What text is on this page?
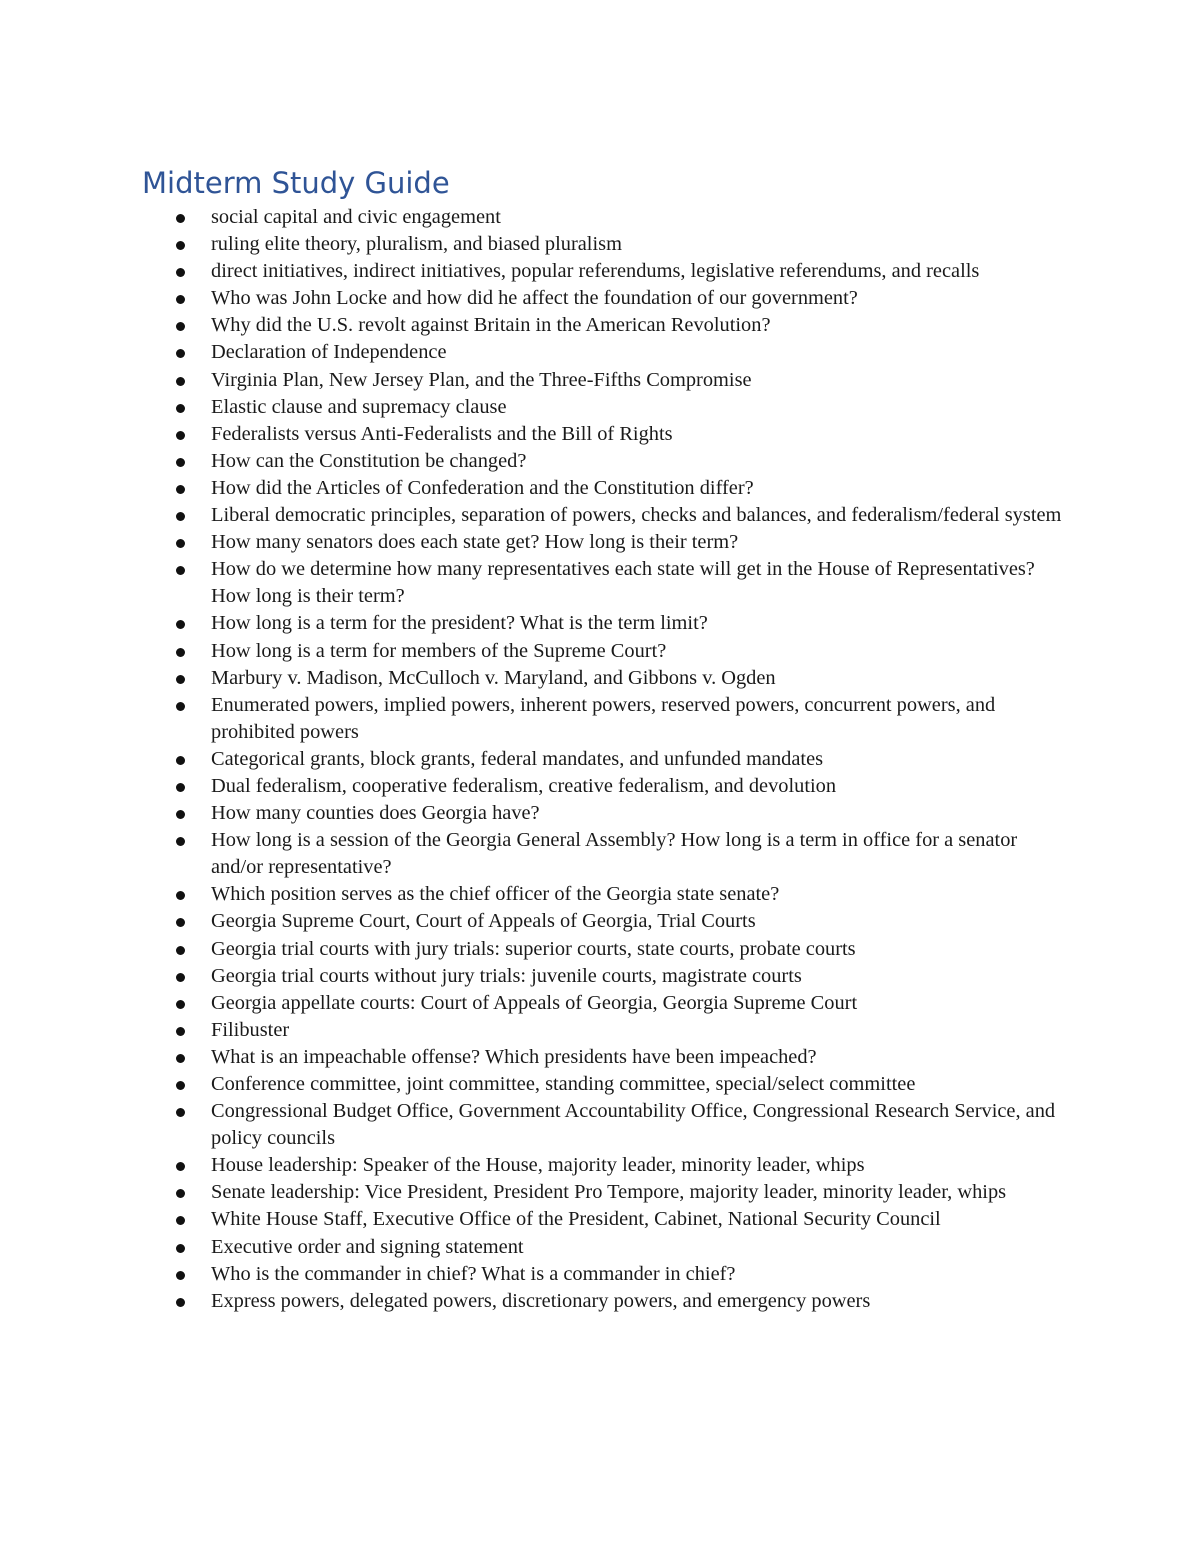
Midterm Study Guide
social capital and civic engagement
ruling elite theory, pluralism, and biased pluralism
direct initiatives, indirect initiatives, popular referendums, legislative referendums, and recalls
Who was John Locke and how did he affect the foundation of our government?
Why did the U.S. revolt against Britain in the American Revolution?
Declaration of Independence
Virginia Plan, New Jersey Plan, and the Three-Fifths Compromise
Elastic clause and supremacy clause
Federalists versus Anti-Federalists and the Bill of Rights
How can the Constitution be changed?
How did the Articles of Confederation and the Constitution differ?
Liberal democratic principles, separation of powers, checks and balances, and federalism/federal system
How many senators does each state get? How long is their term?
How do we determine how many representatives each state will get in the House of Representatives? How long is their term?
How long is a term for the president? What is the term limit?
How long is a term for members of the Supreme Court?
Marbury v. Madison, McCulloch v. Maryland, and Gibbons v. Ogden
Enumerated powers, implied powers, inherent powers, reserved powers, concurrent powers, and prohibited powers
Categorical grants, block grants, federal mandates, and unfunded mandates
Dual federalism, cooperative federalism, creative federalism, and devolution
How many counties does Georgia have?
How long is a session of the Georgia General Assembly? How long is a term in office for a senator and/or representative?
Which position serves as the chief officer of the Georgia state senate?
Georgia Supreme Court, Court of Appeals of Georgia, Trial Courts
Georgia trial courts with jury trials: superior courts, state courts, probate courts
Georgia trial courts without jury trials: juvenile courts, magistrate courts
Georgia appellate courts: Court of Appeals of Georgia, Georgia Supreme Court
Filibuster
What is an impeachable offense? Which presidents have been impeached?
Conference committee, joint committee, standing committee, special/select committee
Congressional Budget Office, Government Accountability Office, Congressional Research Service, and policy councils
House leadership: Speaker of the House, majority leader, minority leader, whips
Senate leadership: Vice President, President Pro Tempore, majority leader, minority leader, whips
White House Staff, Executive Office of the President, Cabinet, National Security Council
Executive order and signing statement
Who is the commander in chief? What is a commander in chief?
Express powers, delegated powers, discretionary powers, and emergency powers
